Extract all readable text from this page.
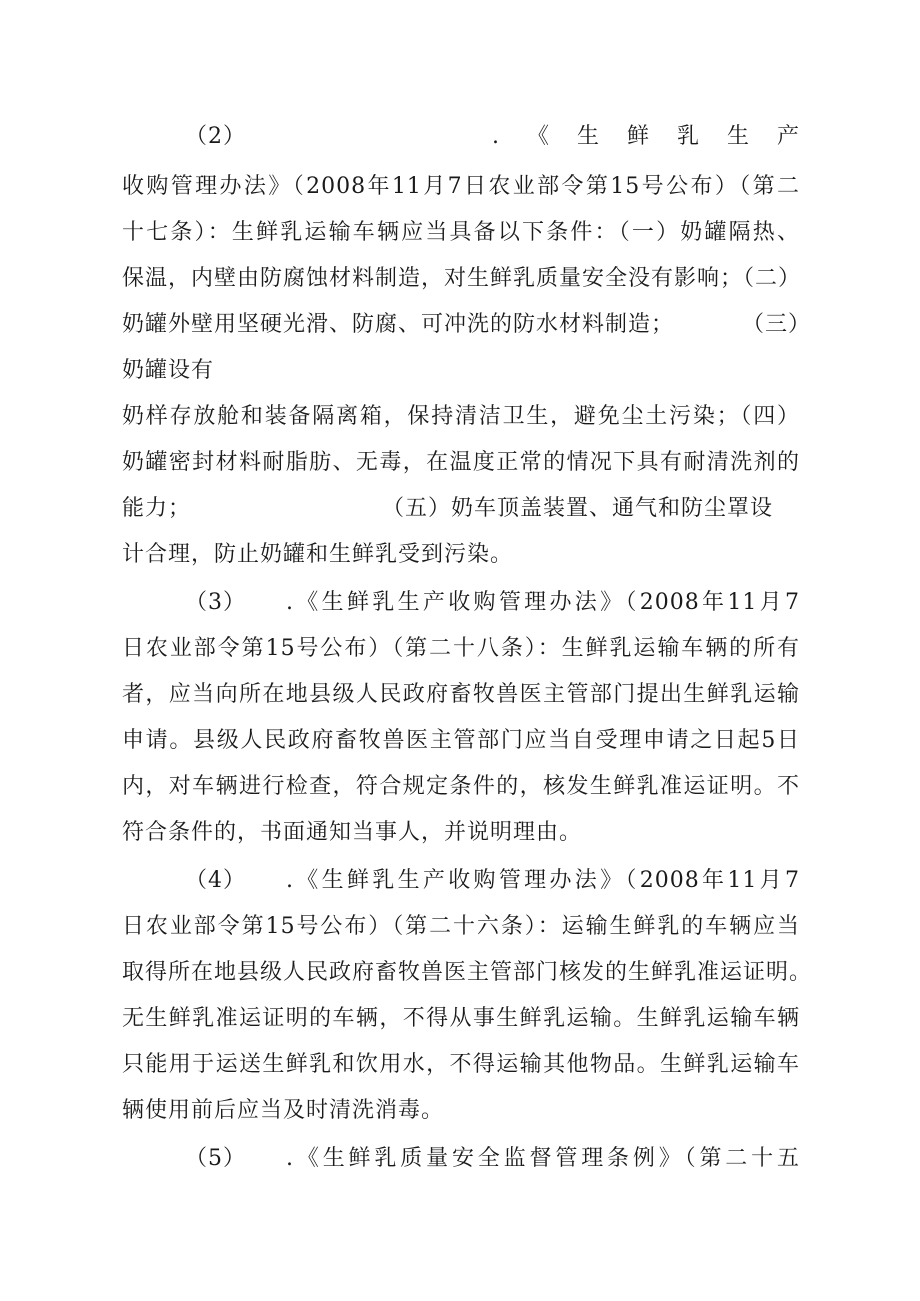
（2）	.《生鲜乳生产
收购管理办法》（2008年11月7日农业部令第15号公布）（第二
十七条）：生鲜乳运输车辆应当具备以下条件：（一）奶罐隔热、
保温，内壁由防腐蚀材料制造，对生鲜乳质量安全没有影响；（二）
奶罐外壁用坚硬光滑、防腐、可冲洗的防水材料制造；	（三）
奶罐设有
奶样存放舱和装备隔离箱，保持清洁卫生，避免尘土污染；（四）
奶罐密封材料耐脂肪、无毒，在温度正常的情况下具有耐清洗剂的
能力；	（五）奶车顶盖装置、通气和防尘罩设
计合理，防止奶罐和生鲜乳受到污染。
（3） .《生鲜乳生产收购管理办法》（2008年11月7
日农业部令第15号公布）（第二十八条）：生鲜乳运输车辆的所有
者，应当向所在地县级人民政府畜牧兽医主管部门提出生鲜乳运输
申请。县级人民政府畜牧兽医主管部门应当自受理申请之日起5日
内，对车辆进行检查，符合规定条件的，核发生鲜乳准运证明。不
符合条件的，书面通知当事人，并说明理由。
（4） .《生鲜乳生产收购管理办法》（2008年11月7
日农业部令第15号公布）（第二十六条）：运输生鲜乳的车辆应当
取得所在地县级人民政府畜牧兽医主管部门核发的生鲜乳准运证明。
无生鲜乳准运证明的车辆，不得从事生鲜乳运输。生鲜乳运输车辆
只能用于运送生鲜乳和饮用水，不得运输其他物品。生鲜乳运输车
辆使用前后应当及时清洗消毒。
（5） .《生鲜乳质量安全监督管理条例》（第二十五
